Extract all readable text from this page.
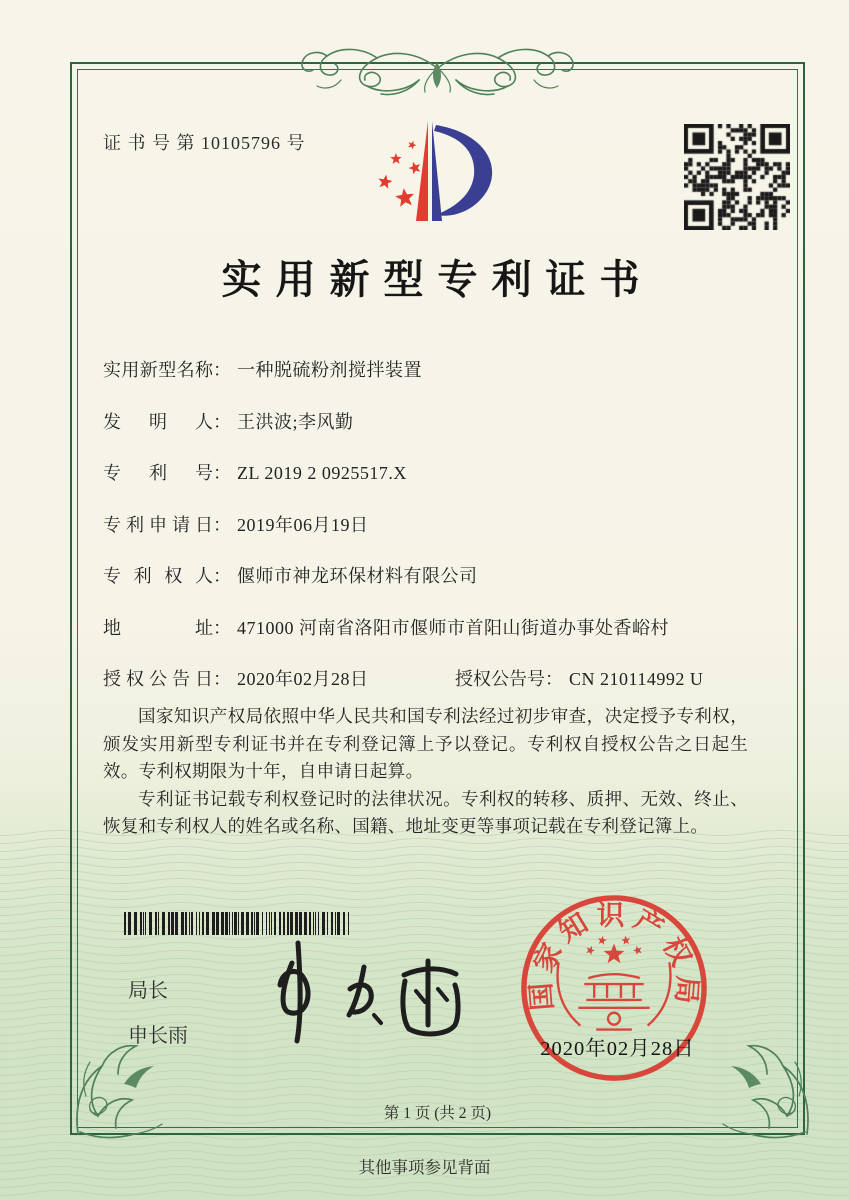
证 书 号 第 10105796 号
实用新型专利证书
实用新型名称： 一种脱硫粉剂搅拌装置
发明人： 王洪波;李风勤
专利号： ZL 2019 2 0925517.X
专利申请日： 2019年06月19日
专利权人： 偃师市神龙环保材料有限公司
地址： 471000 河南省洛阳市偃师市首阳山街道办事处香峪村
授权公告日： 2020年02月28日	授权公告号： CN 210114992 U

国家知识产权局依照中华人民共和国专利法经过初步审查，决定授予专利权，颁发实用新型专利证书并在专利登记簿上予以登记。专利权自授权公告之日起生效。专利权期限为十年，自申请日起算。

专利证书记载专利权登记时的法律状况。专利权的转移、质押、无效、终止、恢复和专利权人的姓名或名称、国籍、地址变更等事项记载在专利登记簿上。

局长
申长雨
国家知识产权局
2020年02月28日
第 1 页 (共 2 页)
其他事项参见背面
